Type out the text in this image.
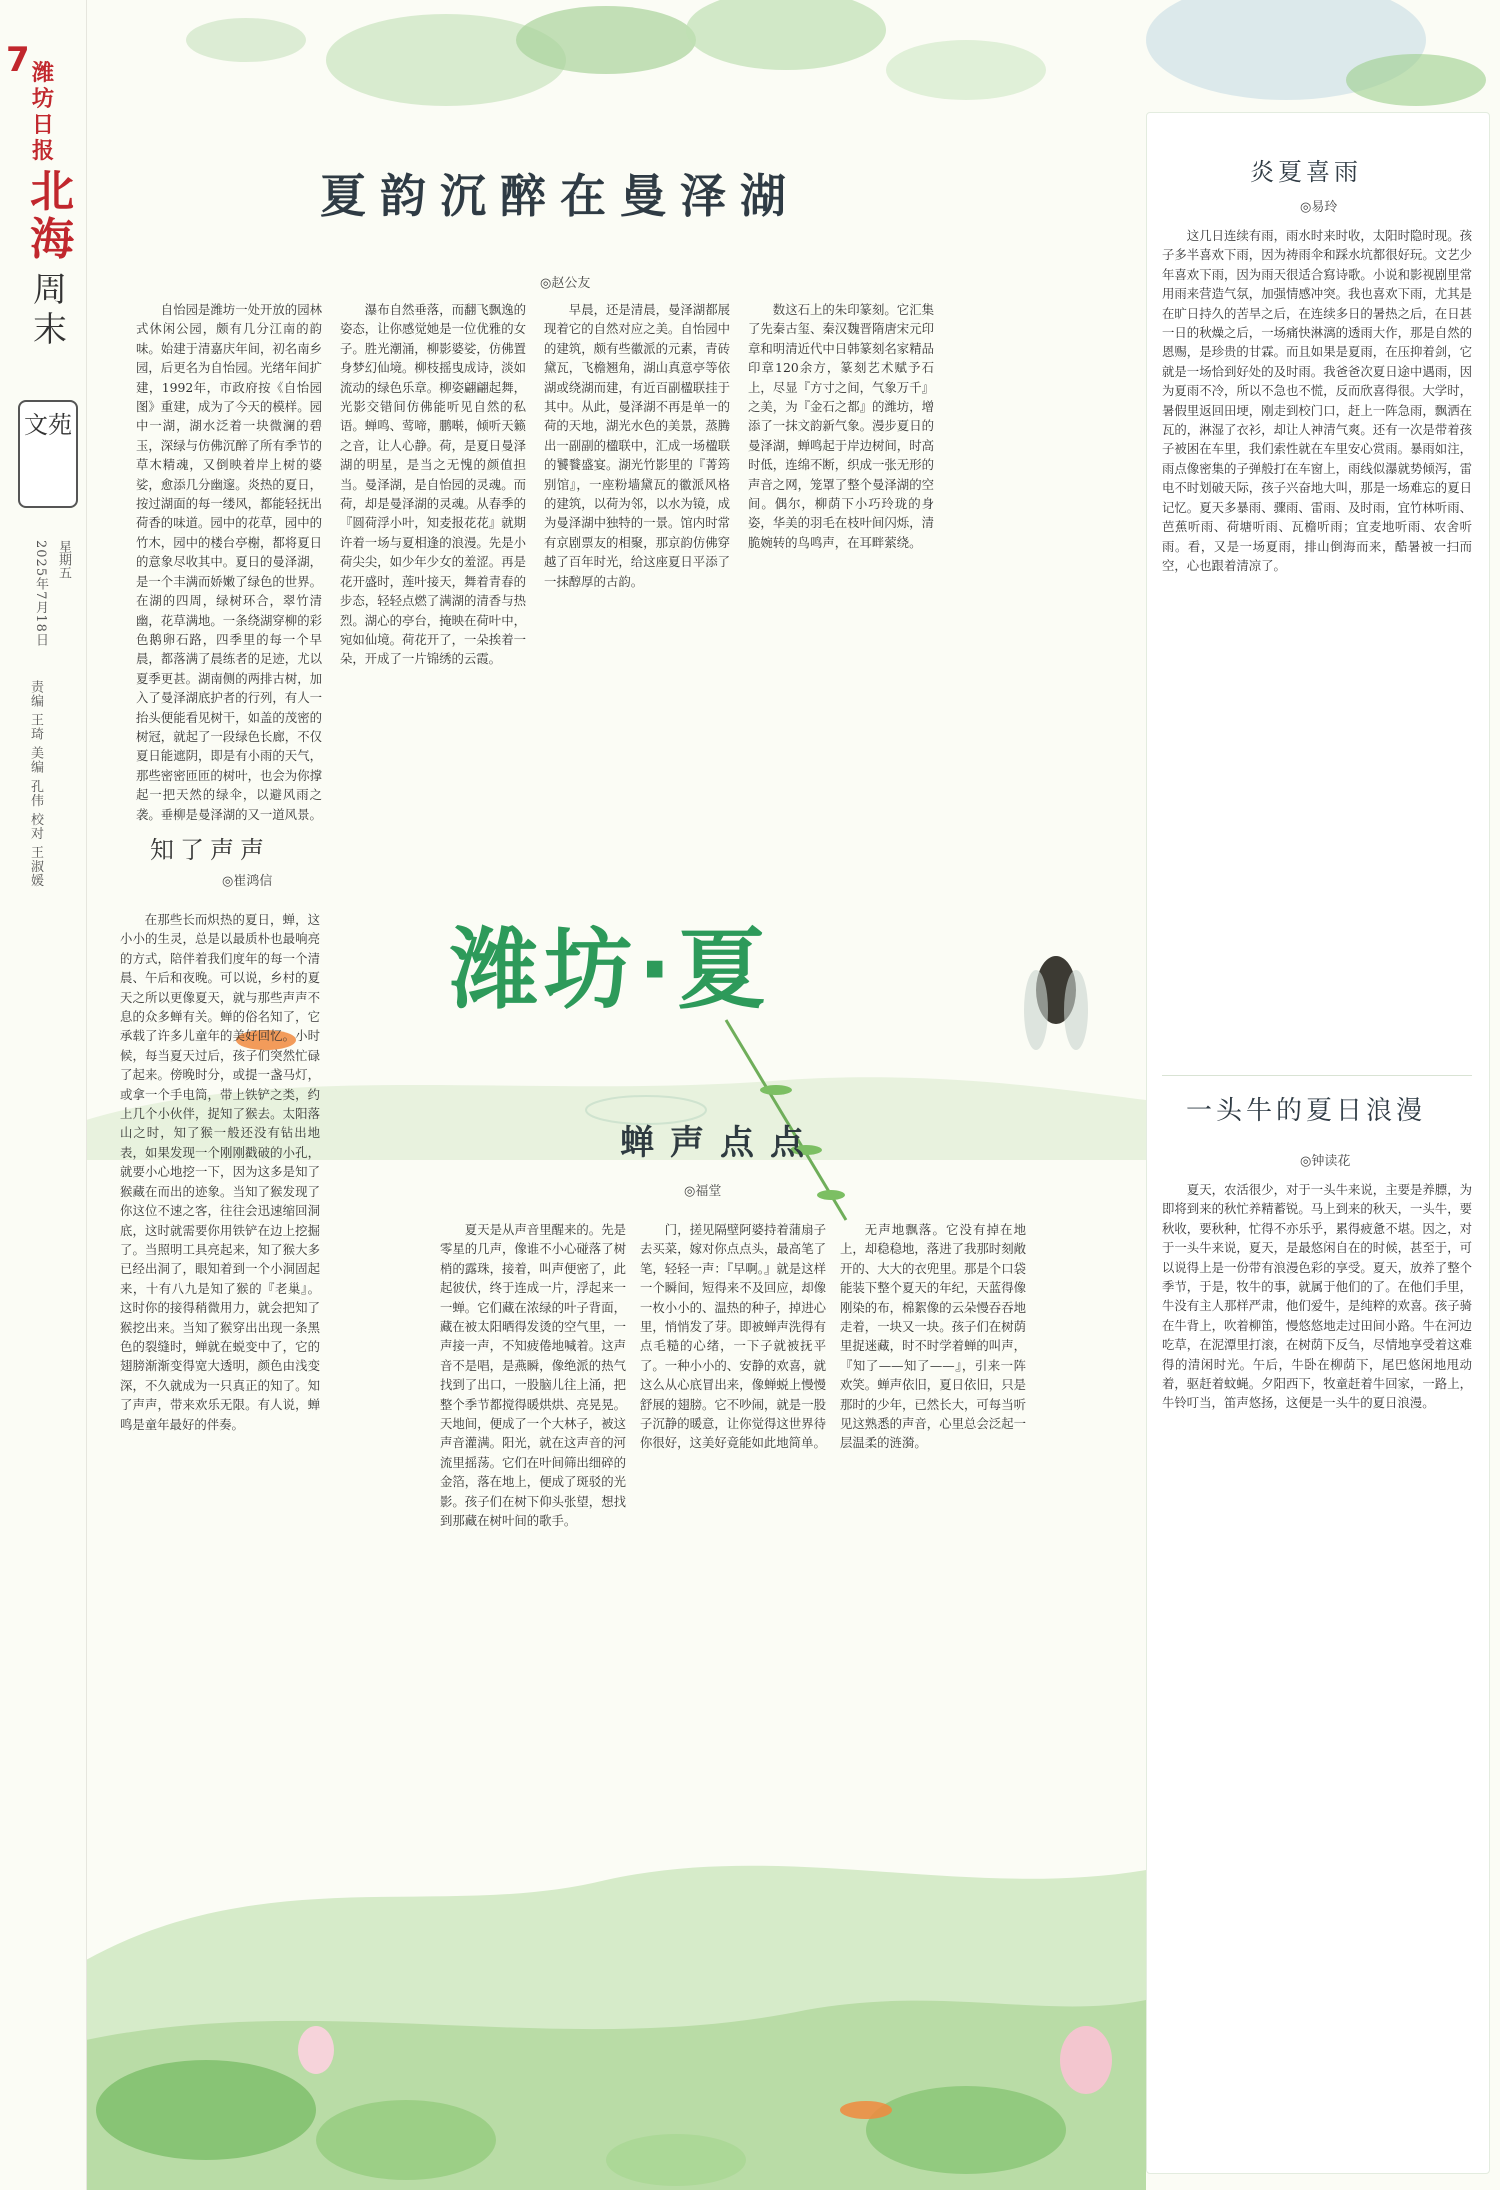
7 潍坊日报
北海
周末
文苑
2025年7月18日 星期五
责编 王琦 美编 孔伟 校对 王淑媛
夏韵沉醉在曼泽湖
◎赵公友

自怡园是潍坊一处开放的园林式休闲公园，颇有几分江南的韵味。始建于清嘉庆年间，初名南乡园，后更名为自怡园。光绪年间扩建，1992年，市政府按《自怡园图》重建，成为了今天的模样。园中一湖，湖水泛着一块微澜的碧玉，深绿与仿佛沉醉了所有季节的草木精魂，又倒映着岸上树的婆娑，愈添几分幽邃。炎热的夏日，按过湖面的每一缕风，都能轻抚出荷香的味道。园中的花草，园中的竹木，园中的楼台亭榭，都将夏日的意象尽收其中。夏日的曼泽湖，是一个丰满而娇嫩了绿色的世界。在湖的四周，绿树环合，翠竹清幽，花草满地。一条绕湖穿柳的彩色鹅卵石路，四季里的每一个早晨，都落满了晨练者的足迹，尤以夏季更甚。湖南侧的两排古树，加入了曼泽湖底护者的行列，有人一抬头便能看见树干，如盖的茂密的树冠，就起了一段绿色长廊，不仅夏日能遮阴，即是有小雨的天气，那些密密匝匝的树叶，也会为你撑起一把天然的绿伞，以避风雨之袭。垂柳是曼泽湖的又一道风景。

瀑布自然垂落，而翻飞飘逸的姿态，让你感觉她是一位优雅的女子。胜光潮涌，柳影婆娑，仿佛置身梦幻仙境。柳枝摇曳成诗，淡如流动的绿色乐章。柳姿翩翩起舞，光影交错间仿佛能听见自然的私语。蝉鸣、莺啼，鹏啭，倾听天籁之音，让人心静。荷，是夏日曼泽湖的明星，是当之无愧的颜值担当。曼泽湖，是自怡园的灵魂。而荷，却是曼泽湖的灵魂。从春季的『圆荷浮小叶，知麦报花花』就期许着一场与夏相逢的浪漫。先是小荷尖尖，如少年少女的羞涩。再是花开盛时，莲叶接天，舞着青春的步态，轻轻点燃了满湖的清香与热烈。湖心的亭台，掩映在荷叶中，宛如仙境。荷花开了，一朵挨着一朵，开成了一片锦绣的云霞。

早晨，还是清晨，曼泽湖都展现着它的自然对应之美。自怡园中的建筑，颇有些徽派的元素，青砖黛瓦，飞檐翘角，湖山真意亭等依湖或绕湖而建，有近百副楹联挂于其中。从此，曼泽湖不再是单一的荷的天地，湖光水色的美景，蒸腾出一副副的楹联中，汇成一场楹联的饕餮盛宴。湖光竹影里的『菁筠别馆』，一座粉墙黛瓦的徽派风格的建筑，以荷为邻，以水为镜，成为曼泽湖中独特的一景。馆内时常有京剧票友的相聚，那京韵仿佛穿越了百年时光，给这座夏日平添了一抹醇厚的古韵。

数这石上的朱印篆刻。它汇集了先秦古玺、秦汉魏晋隋唐宋元印章和明清近代中日韩篆刻名家精品印章120余方，篆刻艺术赋予石上，尽显『方寸之间，气象万千』之美，为『金石之都』的潍坊，增添了一抹文韵新气象。漫步夏日的曼泽湖，蝉鸣起于岸边树间，时高时低，连绵不断，织成一张无形的声音之网，笼罩了整个曼泽湖的空间。偶尔，柳荫下小巧玲珑的身姿，华美的羽毛在枝叶间闪烁，清脆婉转的鸟鸣声，在耳畔萦绕。

知了声声
◎崔鸿信

在那些长而炽热的夏日，蝉，这小小的生灵，总是以最质朴也最响亮的方式，陪伴着我们度年的每一个清晨、午后和夜晚。可以说，乡村的夏天之所以更像夏天，就与那些声声不息的众多蝉有关。蝉的俗名知了，它承载了许多儿童年的美好回忆。小时候，每当夏天过后，孩子们突然忙碌了起来。傍晚时分，或提一盏马灯，或拿一个手电筒，带上铁铲之类，约上几个小伙伴，捉知了猴去。太阳落山之时，知了猴一般还没有钻出地表，如果发现一个刚刚戳破的小孔，就要小心地挖一下，因为这多是知了猴藏在而出的迹象。当知了猴发现了你这位不速之客，往往会迅速缩回洞底，这时就需要你用铁铲在边上挖掘了。当照明工具亮起来，知了猴大多已经出洞了，眼知着到一个小洞固起来，十有八九是知了猴的『老巢』。这时你的接得稍微用力，就会把知了猴挖出来。当知了猴穿出出现一条黑色的裂缝时，蝉就在蜕变中了，它的翅膀渐渐变得宽大透明，颜色由浅变深，不久就成为一只真正的知了。知了声声，带来欢乐无限。有人说，蝉鸣是童年最好的伴奏。

潍坊·夏
蝉声点点
◎福堂

夏天是从声音里醒来的。先是零星的几声，像谁不小心碰落了树梢的露珠，接着，叫声便密了，此起彼伏，终于连成一片，浮起来一一蝉。它们藏在浓绿的叶子背面，藏在被太阳晒得发烫的空气里，一声接一声，不知疲倦地喊着。这声音不是唱，是燕瞬，像绝派的热气找到了出口，一股脑儿往上涌，把整个季节都搅得暖烘烘、亮晃晃。天地间，便成了一个大林子，被这声音灌满。阳光，就在这声音的河流里摇荡。它们在叶间筛出细碎的金箔，落在地上，便成了斑驳的光影。孩子们在树下仰头张望，想找到那藏在树叶间的歌手。

门，搓见隔壁阿婆持着蒲扇子去买菜，嫁对你点点头，最高笔了笔，轻轻一声：『早啊。』就是这样一个瞬间，短得来不及回应，却像一枚小小的、温热的种子，掉进心里，悄悄发了芽。即被蝉声洗得有点毛糙的心绪，一下子就被抚平了。一种小小的、安静的欢喜，就这么从心底冒出来，像蝉蜕上慢慢舒展的翅膀。它不吵闹，就是一股子沉静的暖意，让你觉得这世界待你很好，这美好竟能如此地简单。

无声地飘落。它没有掉在地上，却稳稳地，落进了我那时刻敞开的、大大的衣兜里。那是个口袋能装下整个夏天的年纪，天蓝得像刚染的布，棉絮像的云朵慢吞吞地走着，一块又一块。孩子们在树荫里捉迷藏，时不时学着蝉的叫声，『知了——知了——』，引来一阵欢笑。蝉声依旧，夏日依旧，只是那时的少年，已然长大，可每当听见这熟悉的声音，心里总会泛起一层温柔的涟漪。

炎夏喜雨
◎易玲

这几日连续有雨，雨水时来时收，太阳时隐时现。孩子多半喜欢下雨，因为祷雨伞和踩水坑都很好玩。文艺少年喜欢下雨，因为雨天很适合寫诗歌。小说和影视剧里常用雨来营造气氛，加强情感冲突。我也喜欢下雨，尤其是在旷日持久的苦旱之后，在连续多日的暑热之后，在日甚一日的秋燥之后，一场痛快淋漓的透雨大作，那是自然的恩赐，是珍贵的甘霖。而且如果是夏雨，在压抑着剑，它就是一场恰到好处的及时雨。我爸爸次夏日途中遇雨，因为夏雨不冷，所以不急也不慌，反而欣喜得很。大学时，暑假里返回田埂，刚走到校门口，赶上一阵急雨，飘洒在瓦的，淋湿了衣衫，却让人神清气爽。还有一次是带着孩子被困在车里，我们索性就在车里安心赏雨。暴雨如注，雨点像密集的子弹般打在车窗上，雨线似瀑就势倾泻，雷电不时划破天际，孩子兴奋地大叫，那是一场难忘的夏日记忆。夏天多暴雨、骤雨、雷雨、及时雨，宜竹林听雨、芭蕉听雨、荷塘听雨、瓦檐听雨；宜麦地听雨、农舍听雨。看，又是一场夏雨，排山倒海而来，酷暑被一扫而空，心也跟着清凉了。

一头牛的夏日浪漫
◎钟读花

夏天，农活很少，对于一头牛来说，主要是养膘，为即将到来的秋忙养精蓄锐。马上到来的秋天，一头牛，要秋收，要秋种，忙得不亦乐乎，累得疲惫不堪。因之，对于一头牛来说，夏天，是最悠闲自在的时候，甚至于，可以说得上是一份带有浪漫色彩的享受。夏天，放养了整个季节，于是，牧牛的事，就属于他们的了。在他们手里，牛没有主人那样严肃，他们爱牛，是纯粹的欢喜。孩子骑在牛背上，吹着柳笛，慢悠悠地走过田间小路。牛在河边吃草，在泥潭里打滚，在树荫下反刍，尽情地享受着这难得的清闲时光。午后，牛卧在柳荫下，尾巴悠闲地甩动着，驱赶着蚊蝇。夕阳西下，牧童赶着牛回家，一路上，牛铃叮当，笛声悠扬，这便是一头牛的夏日浪漫。
